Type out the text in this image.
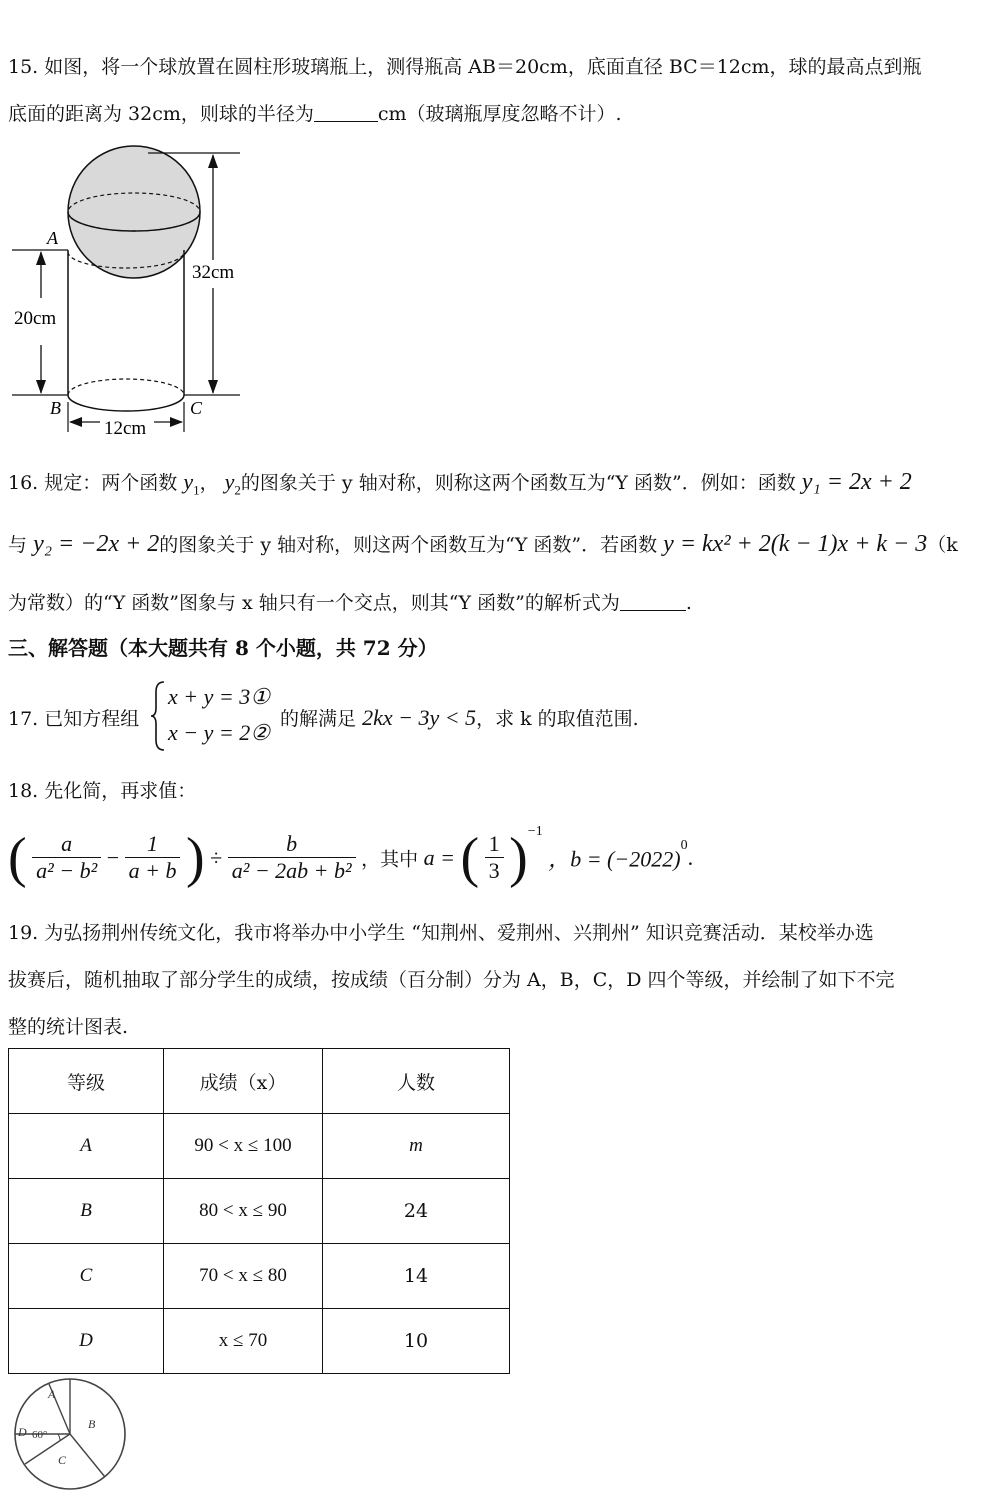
15. 如图，将一个球放置在圆柱形玻璃瓶上，测得瓶高 AB＝20cm，底面直径 BC＝12cm，球的最高点到瓶
底面的距离为 32cm，则球的半径为	cm（玻璃瓶厚度忽略不计）.
A
B	C
20cm
32cm
12cm
16. 规定：两个函数 $y_1$， $y_2$的图象关于 y 轴对称，则称这两个函数互为“Y 函数”．例如：函数 y₁ = 2x + 2
与 y₂ = −2x + 2的图象关于 y 轴对称，则这两个函数互为“Y 函数”．若函数 y = kx² + 2(k − 1)x + k − 3（k
为常数）的“Y 函数”图象与 x 轴只有一个交点，则其“Y 函数”的解析式为	.
三、解答题（本大题共有 8 个小题，共 72 分）
17. 已知方程组
x + y = 3①
x − y = 2②
的解满足 2kx − 3y < 5，求 k 的取值范围.
18. 先化简，再求值：
( $\frac{a}{\text{a² − b²}} - \frac{1}{a + b}$ ) ÷ $\frac{b}{\text{a² − 2ab + b²}}$ ，其中 a = ( $\frac{1}{3} )^{-1}$ ，$b = (-2022)^0$.
19. 为弘扬荆州传统文化，我市将举办中小学生 “知荆州、爱荆州、兴荆州” 知识竞赛活动．某校举办选
拔赛后，随机抽取了部分学生的成绩，按成绩（百分制）分为 A，B，C，D 四个等级，并绘制了如下不完
整的统计图表.
等级	成绩（x）	人数
A	90 < x ≤ 100	m
B	80 < x ≤ 90	24
C	70 < x ≤ 80	14
D	x ≤ 70	10
A
B
C
D 60°
